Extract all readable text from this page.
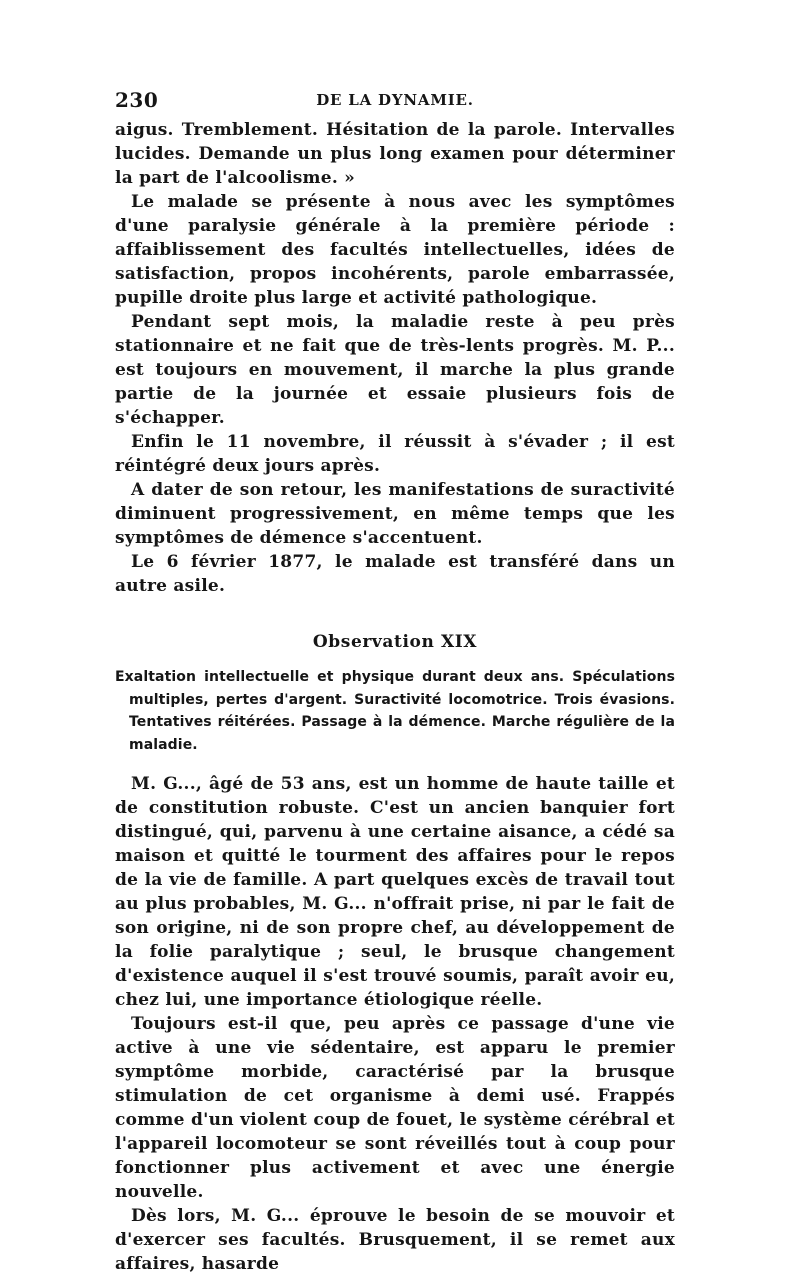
230	DE LA DYNAMIE.

aigus. Tremblement. Hésitation de la parole. Intervalles lucides. Demande un plus long examen pour déterminer la part de l'alcoolisme. »

Le malade se présente à nous avec les symptômes d'une paralysie générale à la première période : affaiblissement des facultés intellectuelles, idées de satisfaction, propos incohérents, parole embarrassée, pupille droite plus large et activité pathologique.

Pendant sept mois, la maladie reste à peu près stationnaire et ne fait que de très-lents progrès. M. P... est toujours en mouvement, il marche la plus grande partie de la journée et essaie plusieurs fois de s'échapper.

Enfin le 11 novembre, il réussit à s'évader ; il est réintégré deux jours après.

A dater de son retour, les manifestations de suractivité diminuent progressivement, en même temps que les symptômes de démence s'accentuent.

Le 6 février 1877, le malade est transféré dans un autre asile.

Observation XIX
Exaltation intellectuelle et physique durant deux ans. Spéculations multiples, pertes d'argent. Suractivité locomotrice. Trois évasions. Tentatives réitérées. Passage à la démence. Marche régulière de la maladie.

M. G..., âgé de 53 ans, est un homme de haute taille et de constitution robuste. C'est un ancien banquier fort distingué, qui, parvenu à une certaine aisance, a cédé sa maison et quitté le tourment des affaires pour le repos de la vie de famille. A part quelques excès de travail tout au plus probables, M. G... n'offrait prise, ni par le fait de son origine, ni de son propre chef, au développement de la folie paralytique ; seul, le brusque changement d'existence auquel il s'est trouvé soumis, paraît avoir eu, chez lui, une importance étiologique réelle.

Toujours est-il que, peu après ce passage d'une vie active à une vie sédentaire, est apparu le premier symptôme morbide, caractérisé par la brusque stimulation de cet organisme à demi usé. Frappés comme d'un violent coup de fouet, le système cérébral et l'appareil locomoteur se sont réveillés tout à coup pour fonctionner plus activement et avec une énergie nouvelle.

Dès lors, M. G... éprouve le besoin de se mouvoir et d'exercer ses facultés. Brusquement, il se remet aux affaires, hasarde
